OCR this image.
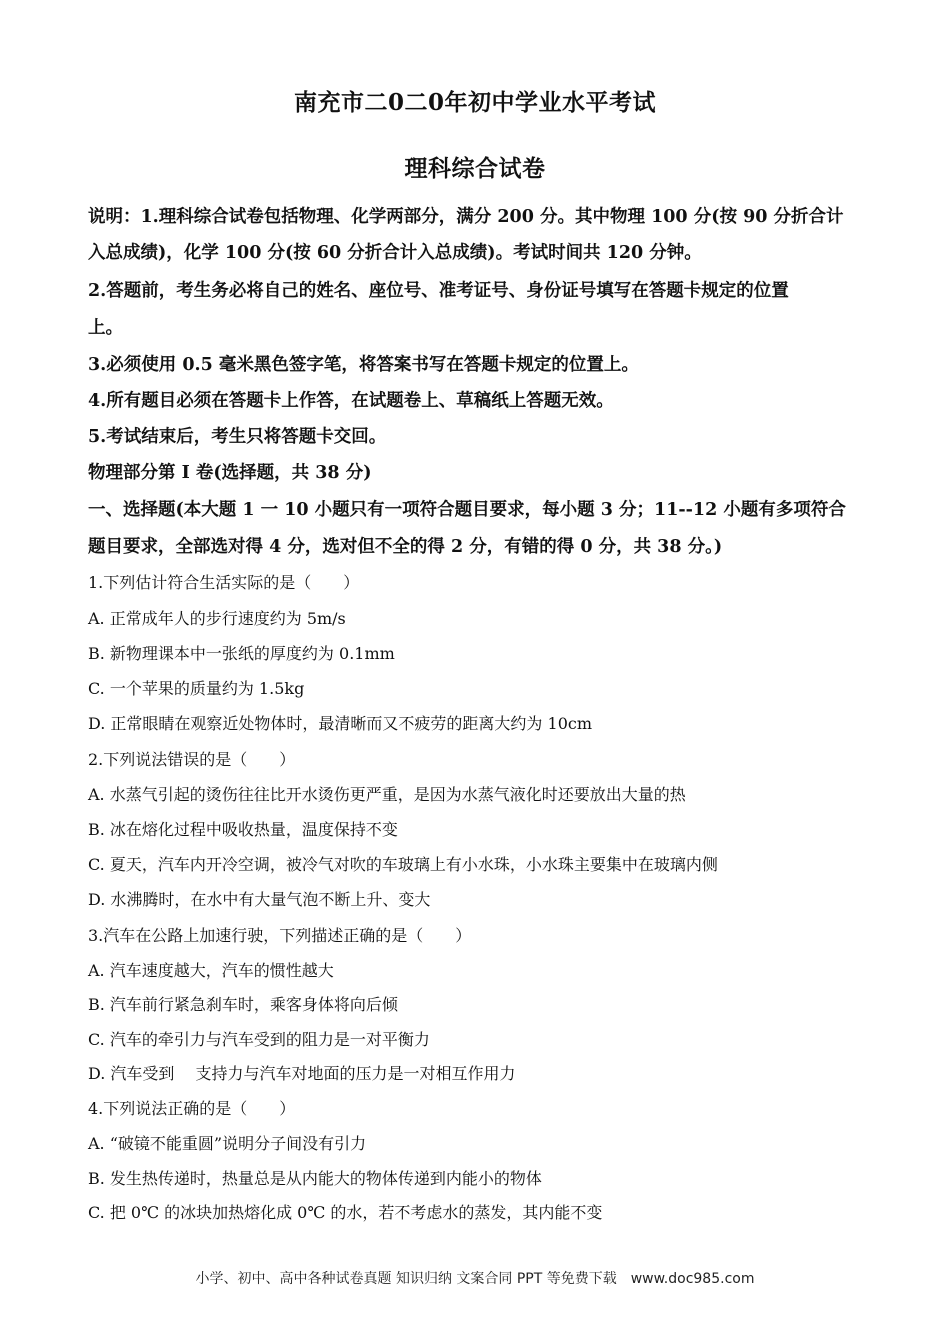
南充市二0二0年初中学业水平考试
理科综合试卷
说明：1.理科综合试卷包括物理、化学两部分，满分 200 分。其中物理 100 分(按 90 分折合计
入总成绩)，化学 100 分(按 60 分折合计入总成绩)。考试时间共 120 分钟。
2.答题前，考生务必将自己的姓名、座位号、准考证号、身份证号填写在答题卡规定的位置
上。
3.必须使用 0.5 毫米黑色签字笔，将答案书写在答题卡规定的位置上。
4.所有题目必须在答题卡上作答，在试题卷上、草稿纸上答题无效。
5.考试结束后，考生只将答题卡交回。
物理部分第 I 卷(选择题，共 38 分)
一、选择题(本大题 1 一 10 小题只有一项符合题目要求，每小题 3 分；11--12 小题有多项符合
题目要求，全部选对得 4 分，选对但不全的得 2 分，有错的得 0 分，共 38 分。)
1.下列估计符合生活实际的是（　　）
A. 正常成年人的步行速度约为 5m/s
B. 新物理课本中一张纸的厚度约为 0.1mm
C. 一个苹果的质量约为 1.5kg
D. 正常眼睛在观察近处物体时，最清晰而又不疲劳的距离大约为 10cm
2.下列说法错误的是（　　）
A. 水蒸气引起的烫伤往往比开水烫伤更严重，是因为水蒸气液化时还要放出大量的热
B. 冰在熔化过程中吸收热量，温度保持不变
C. 夏天，汽车内开冷空调，被冷气对吹的车玻璃上有小水珠，小水珠主要集中在玻璃内侧
D. 水沸腾时，在水中有大量气泡不断上升、变大
3.汽车在公路上加速行驶，下列描述正确的是（　　）
A. 汽车速度越大，汽车的惯性越大
B. 汽车前行紧急刹车时，乘客身体将向后倾
C. 汽车的牵引力与汽车受到的阻力是一对平衡力
D. 汽车受到　 支持力与汽车对地面的压力是一对相互作用力
4.下列说法正确的是（　　）
A. “破镜不能重圆”说明分子间没有引力
B. 发生热传递时，热量总是从内能大的物体传递到内能小的物体
C. 把 0℃ 的冰块加热熔化成 0℃ 的水，若不考虑水的蒸发，其内能不变
小学、初中、高中各种试卷真题 知识归纳 文案合同 PPT 等免费下载　www.doc985.com
